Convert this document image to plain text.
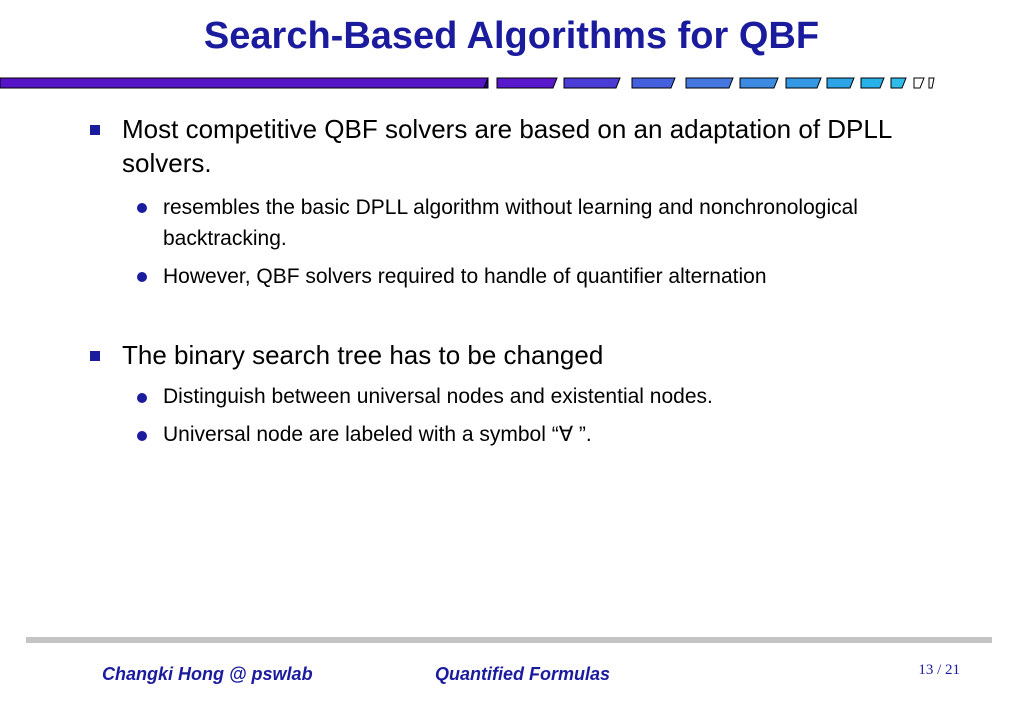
Search-Based Algorithms for QBF
Most competitive QBF solvers are based on an adaptation of DPLL solvers.
resembles the basic DPLL algorithm without learning and nonchronological backtracking.
However, QBF solvers required to handle of quantifier alternation
The binary search tree has to be changed
Distinguish between universal nodes and existential nodes.
Universal node are labeled with a symbol “∀ ”.
Changki Hong @ pswlab	Quantified Formulas	13 / 21
